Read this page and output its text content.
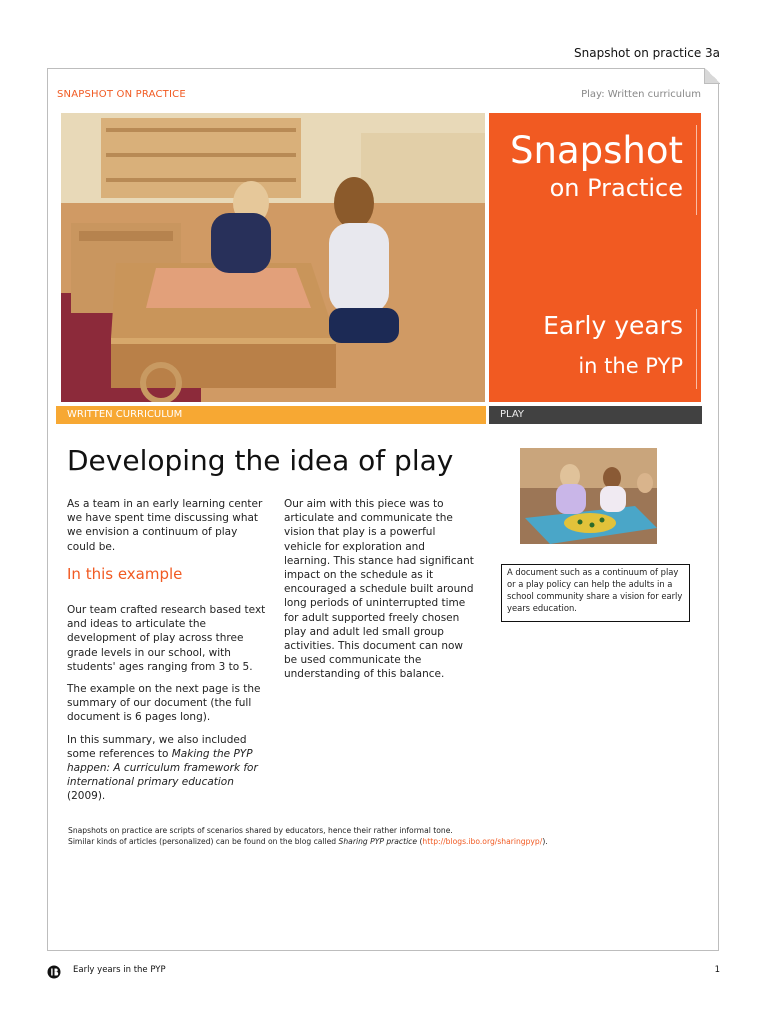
Snapshot on practice 3a
SNAPSHOT ON PRACTICE	Play: Written curriculum
Snapshot
on Practice
Early years
in the PYP
WRITTEN CURRICULUM	PLAY
Developing the idea of play

As a team in an early learning center we have spent time discussing what we envision a continuum of play could be.

In this example

Our team crafted research based text and ideas to articulate the development of play across three grade levels in our school, with students' ages ranging from 3 to 5.

The example on the next page is the summary of our document (the full document is 6 pages long).

In this summary, we also included some references to Making the PYP happen: A curriculum framework for international primary education (2009).

Our aim with this piece was to articulate and communicate the vision that play is a powerful vehicle for exploration and learning. This stance had significant impact on the schedule as it encouraged a schedule built around long periods of uninterrupted time for adult supported freely chosen play and adult led small group activities. This document can now be used communicate the understanding of this balance.

A document such as a continuum of play or a play policy can help the adults in a school community share a vision for early years education.
Snapshots on practice are scripts of scenarios shared by educators, hence their rather informal tone.
Similar kinds of articles (personalized) can be found on the blog called Sharing PYP practice (http://blogs.ibo.org/sharingpyp/).
Early years in the PYP	1
